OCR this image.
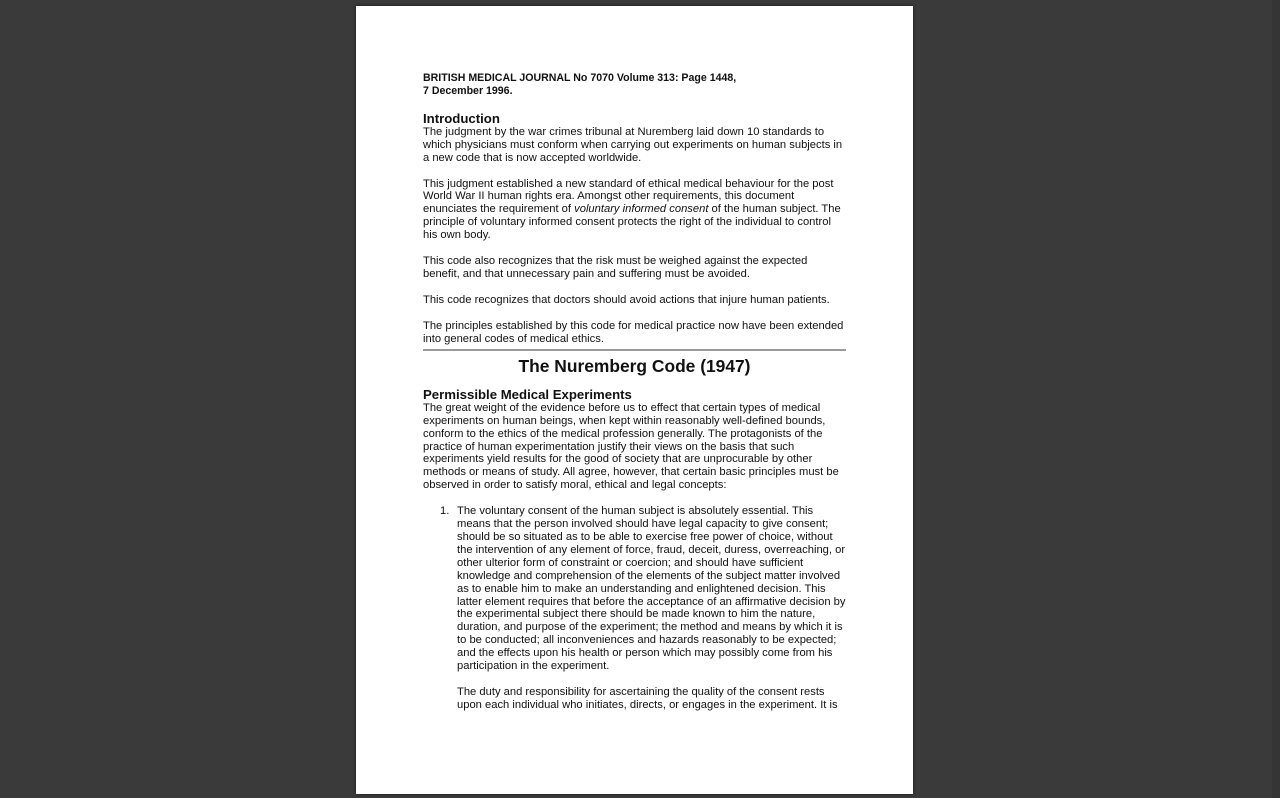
BRITISH MEDICAL JOURNAL No 7070 Volume 313: Page 1448,
7 December 1996.

Introduction

The judgment by the war crimes tribunal at Nuremberg laid down 10 standards to which physicians must conform when carrying out experiments on human subjects in a new code that is now accepted worldwide.

This judgment established a new standard of ethical medical behaviour for the post World War II human rights era. Amongst other requirements, this document enunciates the requirement of voluntary informed consent of the human subject. The principle of voluntary informed consent protects the right of the individual to control his own body.

This code also recognizes that the risk must be weighed against the expected benefit, and that unnecessary pain and suffering must be avoided.

This code recognizes that doctors should avoid actions that injure human patients.

The principles established by this code for medical practice now have been extended into general codes of medical ethics.

The Nuremberg Code (1947)
Permissible Medical Experiments

The great weight of the evidence before us to effect that certain types of medical experiments on human beings, when kept within reasonably well-defined bounds, conform to the ethics of the medical profession generally. The protagonists of the practice of human experimentation justify their views on the basis that such experiments yield results for the good of society that are unprocurable by other methods or means of study. All agree, however, that certain basic principles must be observed in order to satisfy moral, ethical and legal concepts:

1. The voluntary consent of the human subject is absolutely essential. This means that the person involved should have legal capacity to give consent; should be so situated as to be able to exercise free power of choice, without the intervention of any element of force, fraud, deceit, duress, overreaching, or other ulterior form of constraint or coercion; and should have sufficient knowledge and comprehension of the elements of the subject matter involved as to enable him to make an understanding and enlightened decision. This latter element requires that before the acceptance of an affirmative decision by the experimental subject there should be made known to him the nature, duration, and purpose of the experiment; the method and means by which it is to be conducted; all inconveniences and hazards reasonably to be expected; and the effects upon his health or person which may possibly come from his participation in the experiment.

The duty and responsibility for ascertaining the quality of the consent rests upon each individual who initiates, directs, or engages in the experiment. It is
